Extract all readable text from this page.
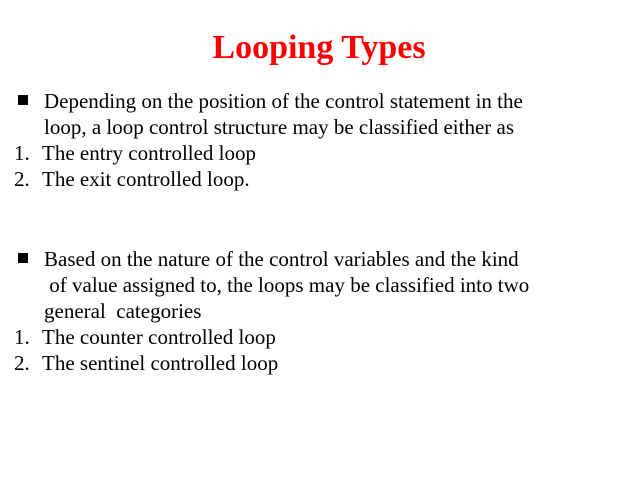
Looping Types
Depending on the position of the control statement in the
loop, a loop control structure may be classified either as
1. The entry controlled loop
2. The exit controlled loop.
Based on the nature of the control variables and the kind
of value assigned to, the loops may be classified into two
general  categories
1. The counter controlled loop
2. The sentinel controlled loop
